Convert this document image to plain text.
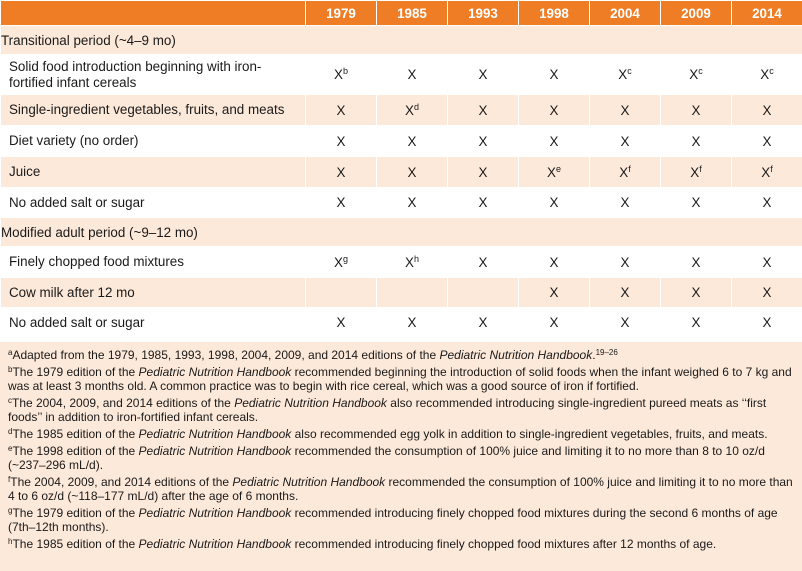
	1979	1985	1993	1998	2004	2009	2014
Transitional period (~4–9 mo)							
Solid food introduction beginning with iron-fortified infant cereals	$X^b$	X	X	X	$X^c$	$X^c$	$X^c$
Single-ingredient vegetables, fruits, and meats	X	$X^d$	X	X	X	X	X
Diet variety (no order)	X	X	X	X	X	X	X
Juice	X	X	X	Xe	$X^f$	$X^f$	$X^f$
No added salt or sugar	X	X	X	X	X	X	X
Modified adult period (~9–12 mo)							
Finely chopped food mixtures	$X^g$	$X^h$	X	X	X	X	X
Cow milk after 12 mo				X	X	X	X
No added salt or sugar	X	X	X	X	X	X	X

$^a$Adapted from the 1979, 1985, 1993, 1998, 2004, 2009, and 2014 editions of the Pediatric Nutrition Handbook.$^{19-26}$

$^b$The 1979 edition of the Pediatric Nutrition Handbook recommended beginning the introduction of solid foods when the infant weighed 6 to 7 kg and was at least 3 months old. A common practice was to begin with rice cereal, which was a good source of iron if fortified.

$^c$The 2004, 2009, and 2014 editions of the Pediatric Nutrition Handbook also recommended introducing single-ingredient pureed meats as ‘‘first foods’’ in addition to iron-fortified infant cereals.

$^d$The 1985 edition of the Pediatric Nutrition Handbook also recommended egg yolk in addition to single-ingredient vegetables, fruits, and meats.

$^e$The 1998 edition of the Pediatric Nutrition Handbook recommended the consumption of 100% juice and limiting it to no more than 8 to 10 oz/d (~237–296 mL/d).

$^f$The 2004, 2009, and 2014 editions of the Pediatric Nutrition Handbook recommended the consumption of 100% juice and limiting it to no more than 4 to 6 oz/d (~118–177 mL/d) after the age of 6 months.

$^g$The 1979 edition of the Pediatric Nutrition Handbook recommended introducing finely chopped food mixtures during the second 6 months of age (7th–12th months).

$^h$The 1985 edition of the Pediatric Nutrition Handbook recommended introducing finely chopped food mixtures after 12 months of age.
